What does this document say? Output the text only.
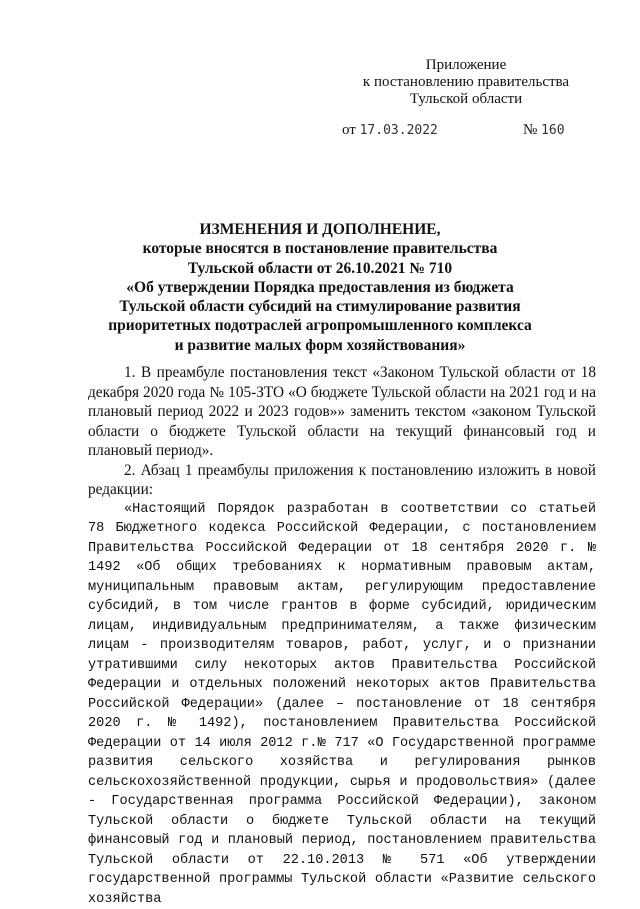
Приложение
к постановлению правительства
Тульской области
от 17.03.2022	№ 160
ИЗМЕНЕНИЯ И ДОПОЛНЕНИЕ,
которые вносятся в постановление правительства
Тульской области от 26.10.2021 № 710
«Об утверждении Порядка предоставления из бюджета
Тульской области субсидий на стимулирование развития
приоритетных подотраслей агропромышленного комплекса
и развитие малых форм хозяйствования»

1. В преамбуле постановления текст «Законом Тульской области от 18 декабря 2020 года № 105-ЗТО «О бюджете Тульской области на 2021 год и на плановый период 2022 и 2023 годов»» заменить текстом «законом Тульской области о бюджете Тульской области на текущий финансовый год и плановый период».

2. Абзац 1 преамбулы приложения к постановлению изложить в новой редакции:

«Настоящий Порядок разработан в соответствии со статьей 78 Бюджетного кодекса Российской Федерации, с постановлением Правительства Российской Федерации от 18 сентября 2020 г. № 1492 «Об общих требованиях к нормативным правовым актам, муниципальным правовым актам, регулирующим предоставление субсидий, в том числе грантов в форме субсидий, юридическим лицам, индивидуальным предпринимателям, а также физическим лицам - производителям товаров, работ, услуг, и о признании утратившими силу некоторых актов Правительства Российской Федерации и отдельных положений некоторых актов Правительства Российской Федерации» (далее – постановление от 18 сентября 2020 г. № 1492), постановлением Правительства Российской Федерации от 14 июля 2012 г.№ 717 «О Государственной программе развития сельского хозяйства и регулирования рынков сельскохозяйственной продукции, сырья и продовольствия» (далее - Государственная программа Российской Федерации), законом Тульской области о бюджете Тульской области на текущий финансовый год и плановый период, постановлением правительства Тульской области от 22.10.2013 № 571 «Об утверждении государственной программы Тульской области «Развитие сельского хозяйства
